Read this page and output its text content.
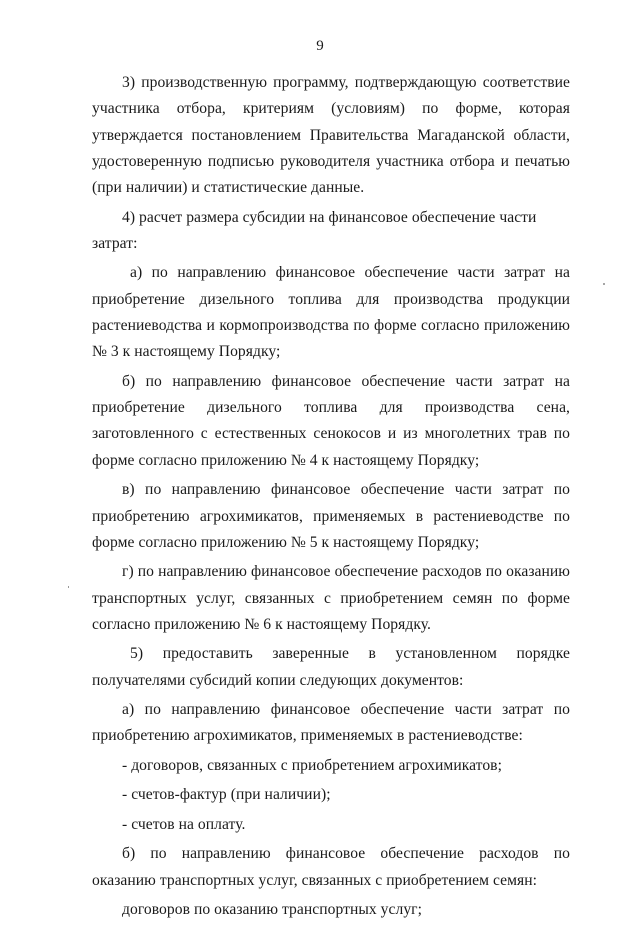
9

3) производственную программу, подтверждающую соответствие участника отбора, критериям (условиям) по форме, которая утверждается постановлением Правительства Магаданской области, удостоверенную подписью руководителя участника отбора и печатью (при наличии) и статистические данные.

4) расчет размера субсидии на финансовое обеспечение части затрат:

а) по направлению финансовое обеспечение части затрат на приобретение дизельного топлива для производства продукции растениеводства и кормопроизводства по форме согласно приложению № 3 к настоящему Порядку;

б) по направлению финансовое обеспечение части затрат на приобретение дизельного топлива для производства сена, заготовленного с естественных сенокосов и из многолетних трав по форме согласно приложению № 4 к настоящему Порядку;

в) по направлению финансовое обеспечение части затрат по приобретению агрохимикатов, применяемых в растениеводстве по форме согласно приложению № 5 к настоящему Порядку;

г) по направлению финансовое обеспечение расходов по оказанию транспортных услуг, связанных с приобретением семян по форме согласно приложению № 6 к настоящему Порядку.

5) предоставить заверенные в установленном порядке получателями субсидий копии следующих документов:

а) по направлению финансовое обеспечение части затрат по приобретению агрохимикатов, применяемых в растениеводстве:

- договоров, связанных с приобретением агрохимикатов;

- счетов-фактур (при наличии);

- счетов на оплату.

б) по направлению финансовое обеспечение расходов по оказанию транспортных услуг, связанных с приобретением семян:

договоров по оказанию транспортных услуг;
